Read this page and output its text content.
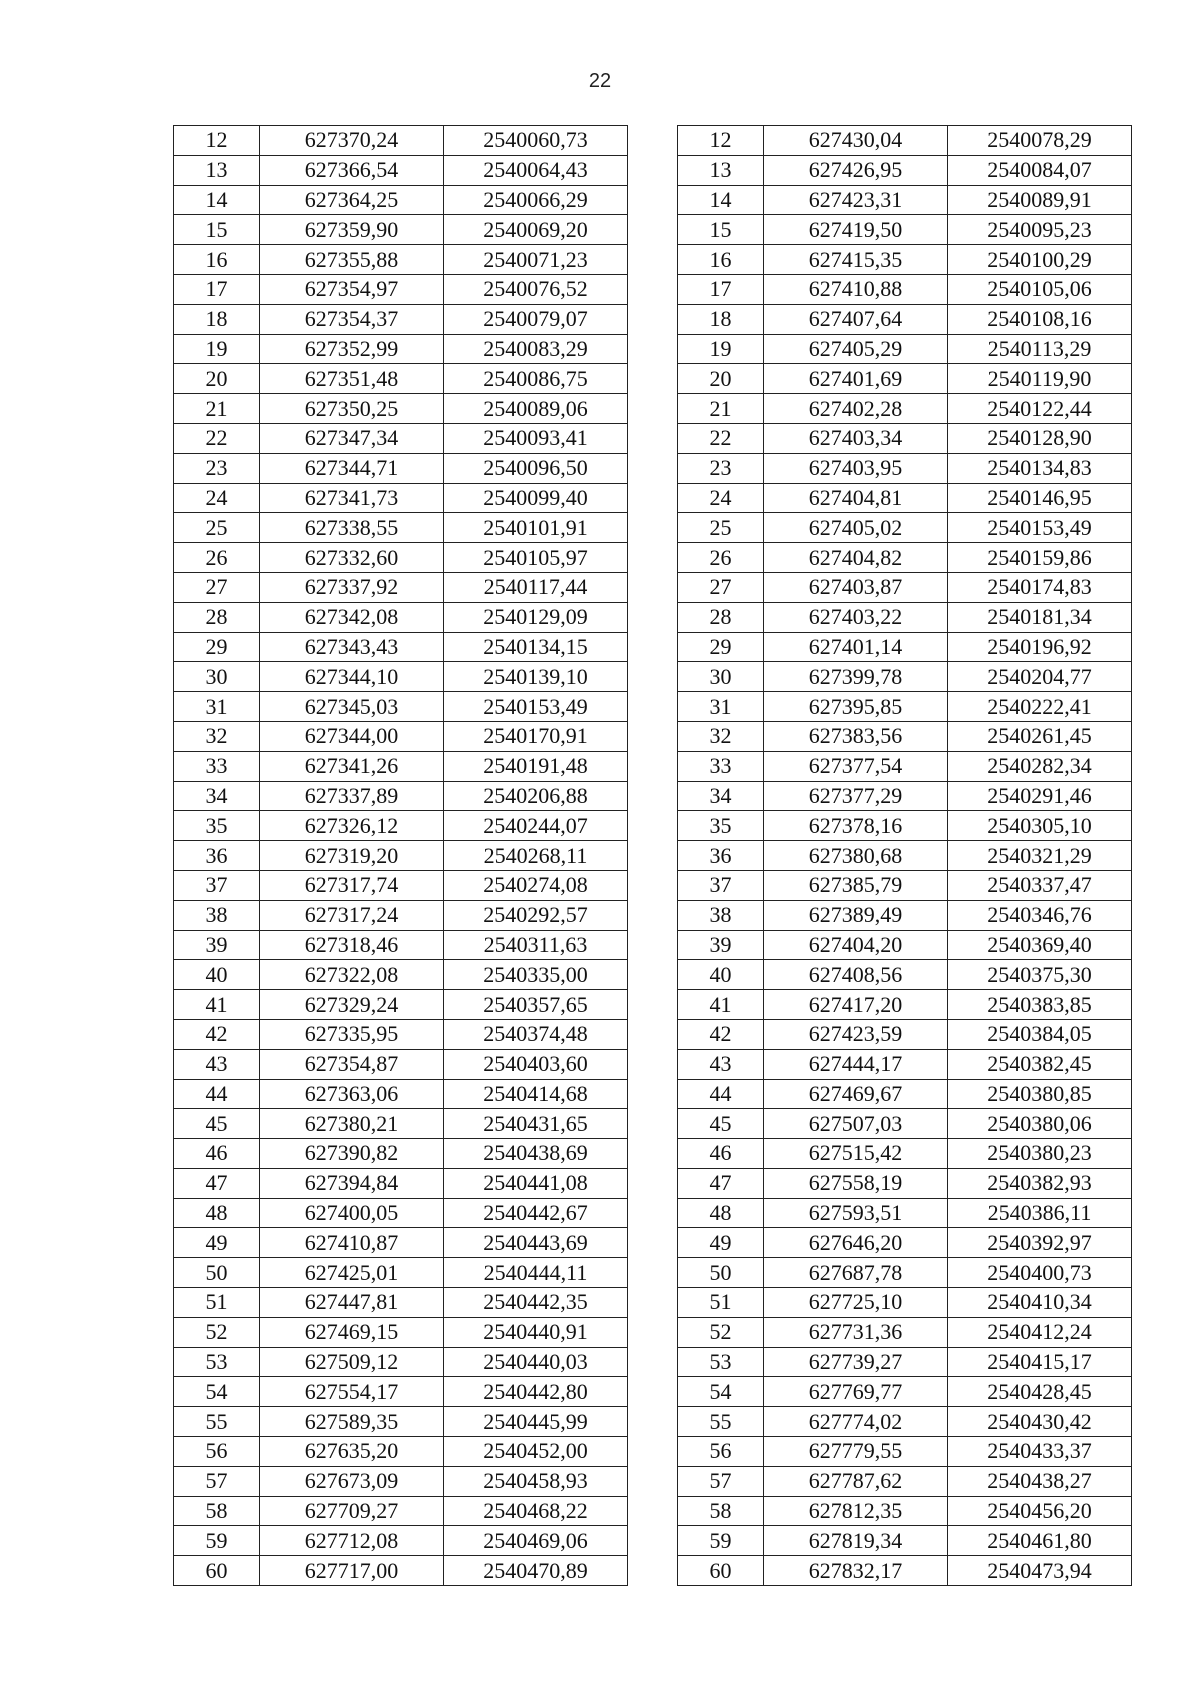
22
12	627370,24	2540060,73		12	627430,04	2540078,29
13	627366,54	2540064,43		13	627426,95	2540084,07
14	627364,25	2540066,29		14	627423,31	2540089,91
15	627359,90	2540069,20		15	627419,50	2540095,23
16	627355,88	2540071,23		16	627415,35	2540100,29
17	627354,97	2540076,52		17	627410,88	2540105,06
18	627354,37	2540079,07		18	627407,64	2540108,16
19	627352,99	2540083,29		19	627405,29	2540113,29
20	627351,48	2540086,75		20	627401,69	2540119,90
21	627350,25	2540089,06		21	627402,28	2540122,44
22	627347,34	2540093,41		22	627403,34	2540128,90
23	627344,71	2540096,50		23	627403,95	2540134,83
24	627341,73	2540099,40		24	627404,81	2540146,95
25	627338,55	2540101,91		25	627405,02	2540153,49
26	627332,60	2540105,97		26	627404,82	2540159,86
27	627337,92	2540117,44		27	627403,87	2540174,83
28	627342,08	2540129,09		28	627403,22	2540181,34
29	627343,43	2540134,15		29	627401,14	2540196,92
30	627344,10	2540139,10		30	627399,78	2540204,77
31	627345,03	2540153,49		31	627395,85	2540222,41
32	627344,00	2540170,91		32	627383,56	2540261,45
33	627341,26	2540191,48		33	627377,54	2540282,34
34	627337,89	2540206,88		34	627377,29	2540291,46
35	627326,12	2540244,07		35	627378,16	2540305,10
36	627319,20	2540268,11		36	627380,68	2540321,29
37	627317,74	2540274,08		37	627385,79	2540337,47
38	627317,24	2540292,57		38	627389,49	2540346,76
39	627318,46	2540311,63		39	627404,20	2540369,40
40	627322,08	2540335,00		40	627408,56	2540375,30
41	627329,24	2540357,65		41	627417,20	2540383,85
42	627335,95	2540374,48		42	627423,59	2540384,05
43	627354,87	2540403,60		43	627444,17	2540382,45
44	627363,06	2540414,68		44	627469,67	2540380,85
45	627380,21	2540431,65		45	627507,03	2540380,06
46	627390,82	2540438,69		46	627515,42	2540380,23
47	627394,84	2540441,08		47	627558,19	2540382,93
48	627400,05	2540442,67		48	627593,51	2540386,11
49	627410,87	2540443,69		49	627646,20	2540392,97
50	627425,01	2540444,11		50	627687,78	2540400,73
51	627447,81	2540442,35		51	627725,10	2540410,34
52	627469,15	2540440,91		52	627731,36	2540412,24
53	627509,12	2540440,03		53	627739,27	2540415,17
54	627554,17	2540442,80		54	627769,77	2540428,45
55	627589,35	2540445,99		55	627774,02	2540430,42
56	627635,20	2540452,00		56	627779,55	2540433,37
57	627673,09	2540458,93		57	627787,62	2540438,27
58	627709,27	2540468,22		58	627812,35	2540456,20
59	627712,08	2540469,06		59	627819,34	2540461,80
60	627717,00	2540470,89		60	627832,17	2540473,94
